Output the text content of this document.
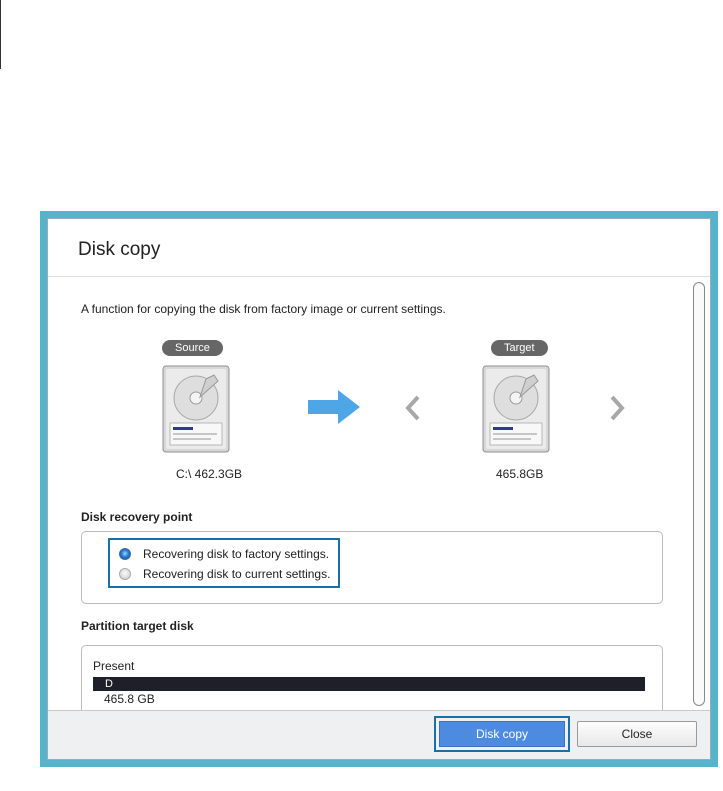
Disk copy
A function for copying the disk from factory image or current settings.
Source
C:\ 462.3GB
Target
465.8GB
Disk recovery point
Recovering disk to factory settings.
Recovering disk to current settings.
Partition target disk
Present
D
465.8 GB
Disk copy	Close
